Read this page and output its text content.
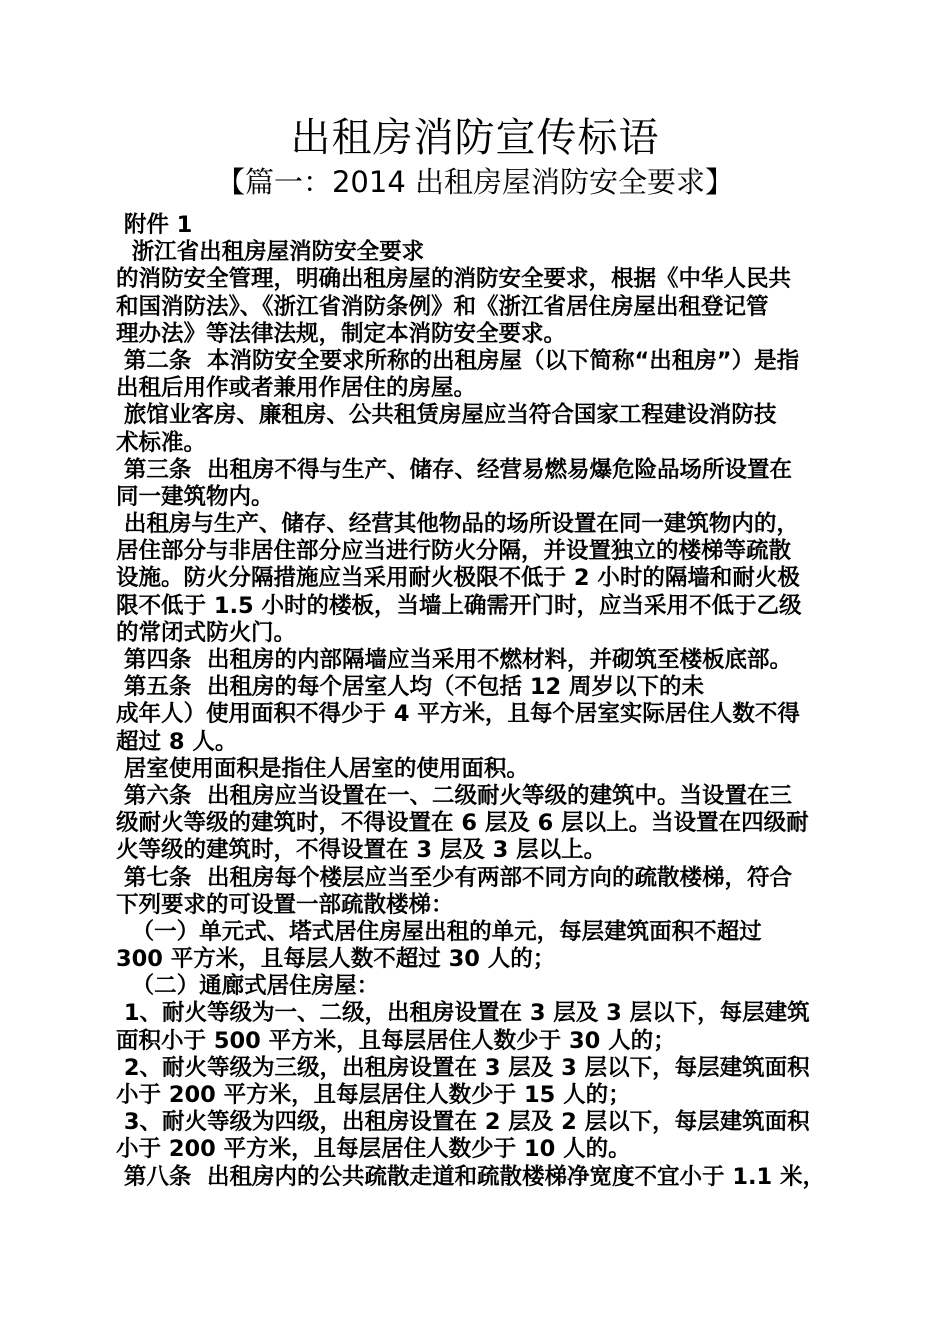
出租房消防宣传标语
【篇一：2014 出租房屋消防安全要求】
附件 1
浙江省出租房屋消防安全要求
的消防安全管理，明确出租房屋的消防安全要求，根据《中华人民共
和国消防法》、《浙江省消防条例》和《浙江省居住房屋出租登记管
理办法》等法律法规，制定本消防安全要求。
第二条  本消防安全要求所称的出租房屋（以下简称“出租房”）是指
出租后用作或者兼用作居住的房屋。
旅馆业客房、廉租房、公共租赁房屋应当符合国家工程建设消防技
术标准。
第三条  出租房不得与生产、储存、经营易燃易爆危险品场所设置在
同一建筑物内。
出租房与生产、储存、经营其他物品的场所设置在同一建筑物内的，
居住部分与非居住部分应当进行防火分隔，并设置独立的楼梯等疏散
设施。防火分隔措施应当采用耐火极限不低于 2 小时的隔墙和耐火极
限不低于 1.5 小时的楼板，当墙上确需开门时，应当采用不低于乙级
的常闭式防火门。
第四条  出租房的内部隔墙应当采用不燃材料，并砌筑至楼板底部。
第五条  出租房的每个居室人均（不包括 12 周岁以下的未
成年人）使用面积不得少于 4 平方米，且每个居室实际居住人数不得
超过 8 人。
居室使用面积是指住人居室的使用面积。
第六条  出租房应当设置在一、二级耐火等级的建筑中。当设置在三
级耐火等级的建筑时，不得设置在 6 层及 6 层以上。当设置在四级耐
火等级的建筑时，不得设置在 3 层及 3 层以上。
第七条  出租房每个楼层应当至少有两部不同方向的疏散楼梯，符合
下列要求的可设置一部疏散楼梯：
（一）单元式、塔式居住房屋出租的单元，每层建筑面积不超过
300 平方米，且每层人数不超过 30 人的；
（二）通廊式居住房屋：
1、耐火等级为一、二级，出租房设置在 3 层及 3 层以下，每层建筑
面积小于 500 平方米，且每层居住人数少于 30 人的；
2、耐火等级为三级，出租房设置在 3 层及 3 层以下，每层建筑面积
小于 200 平方米，且每层居住人数少于 15 人的；
3、耐火等级为四级，出租房设置在 2 层及 2 层以下，每层建筑面积
小于 200 平方米，且每层居住人数少于 10 人的。
第八条  出租房内的公共疏散走道和疏散楼梯净宽度不宜小于 1.1 米，
